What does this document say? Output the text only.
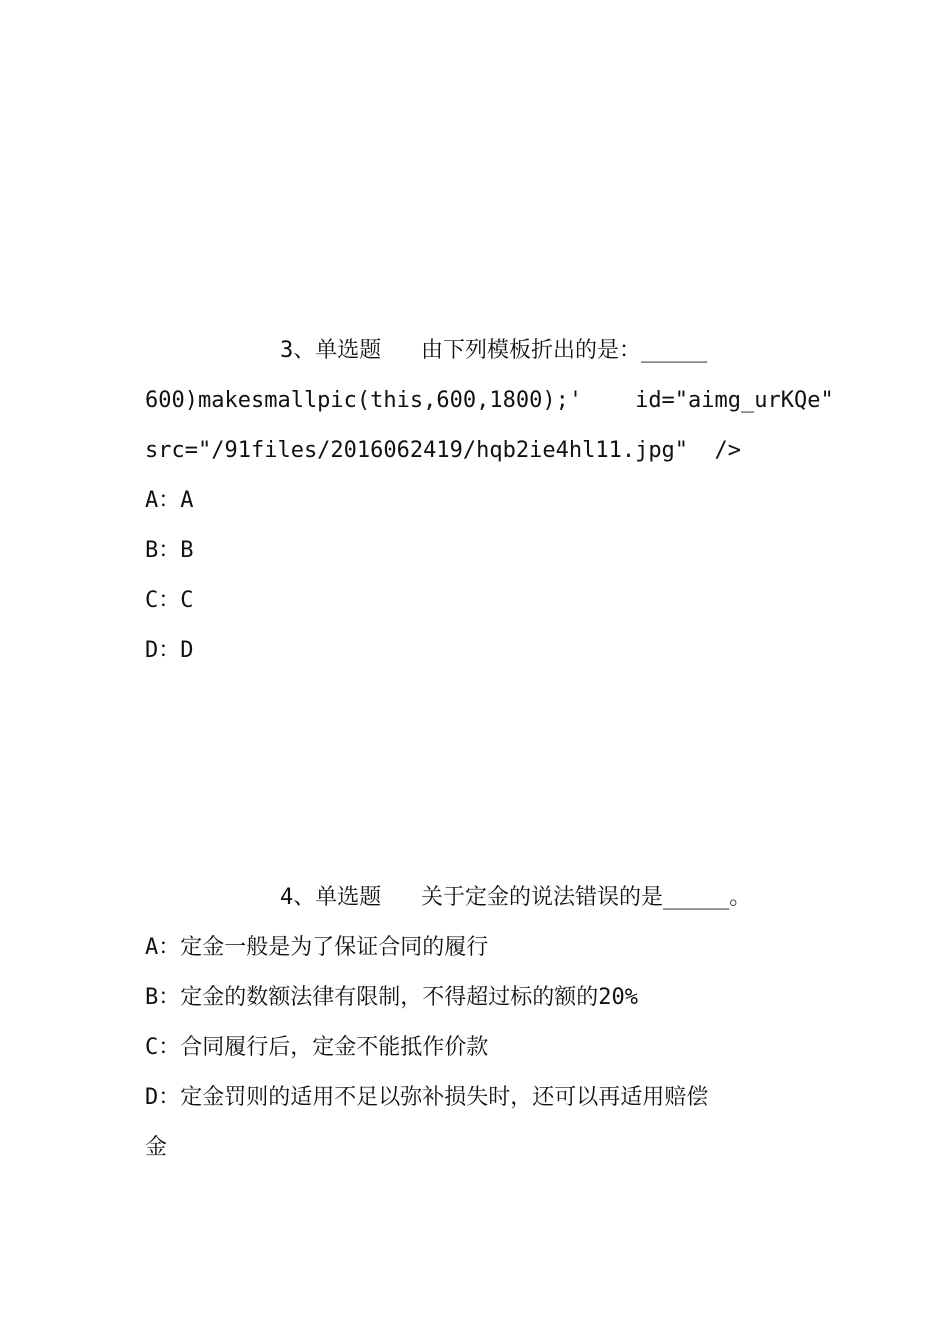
3、单选题   由下列模板折出的是：_____
600)makesmallpic(this,600,1800);'    id="aimg_urKQe"
src="/91files/2016062419/hqb2ie4hl11.jpg"  />
A：A
B：B
C：C
D：D
4、单选题   关于定金的说法错误的是_____。
A：定金一般是为了保证合同的履行
B：定金的数额法律有限制，不得超过标的额的20%
C：合同履行后，定金不能抵作价款
D：定金罚则的适用不足以弥补损失时，还可以再适用赔偿
金
